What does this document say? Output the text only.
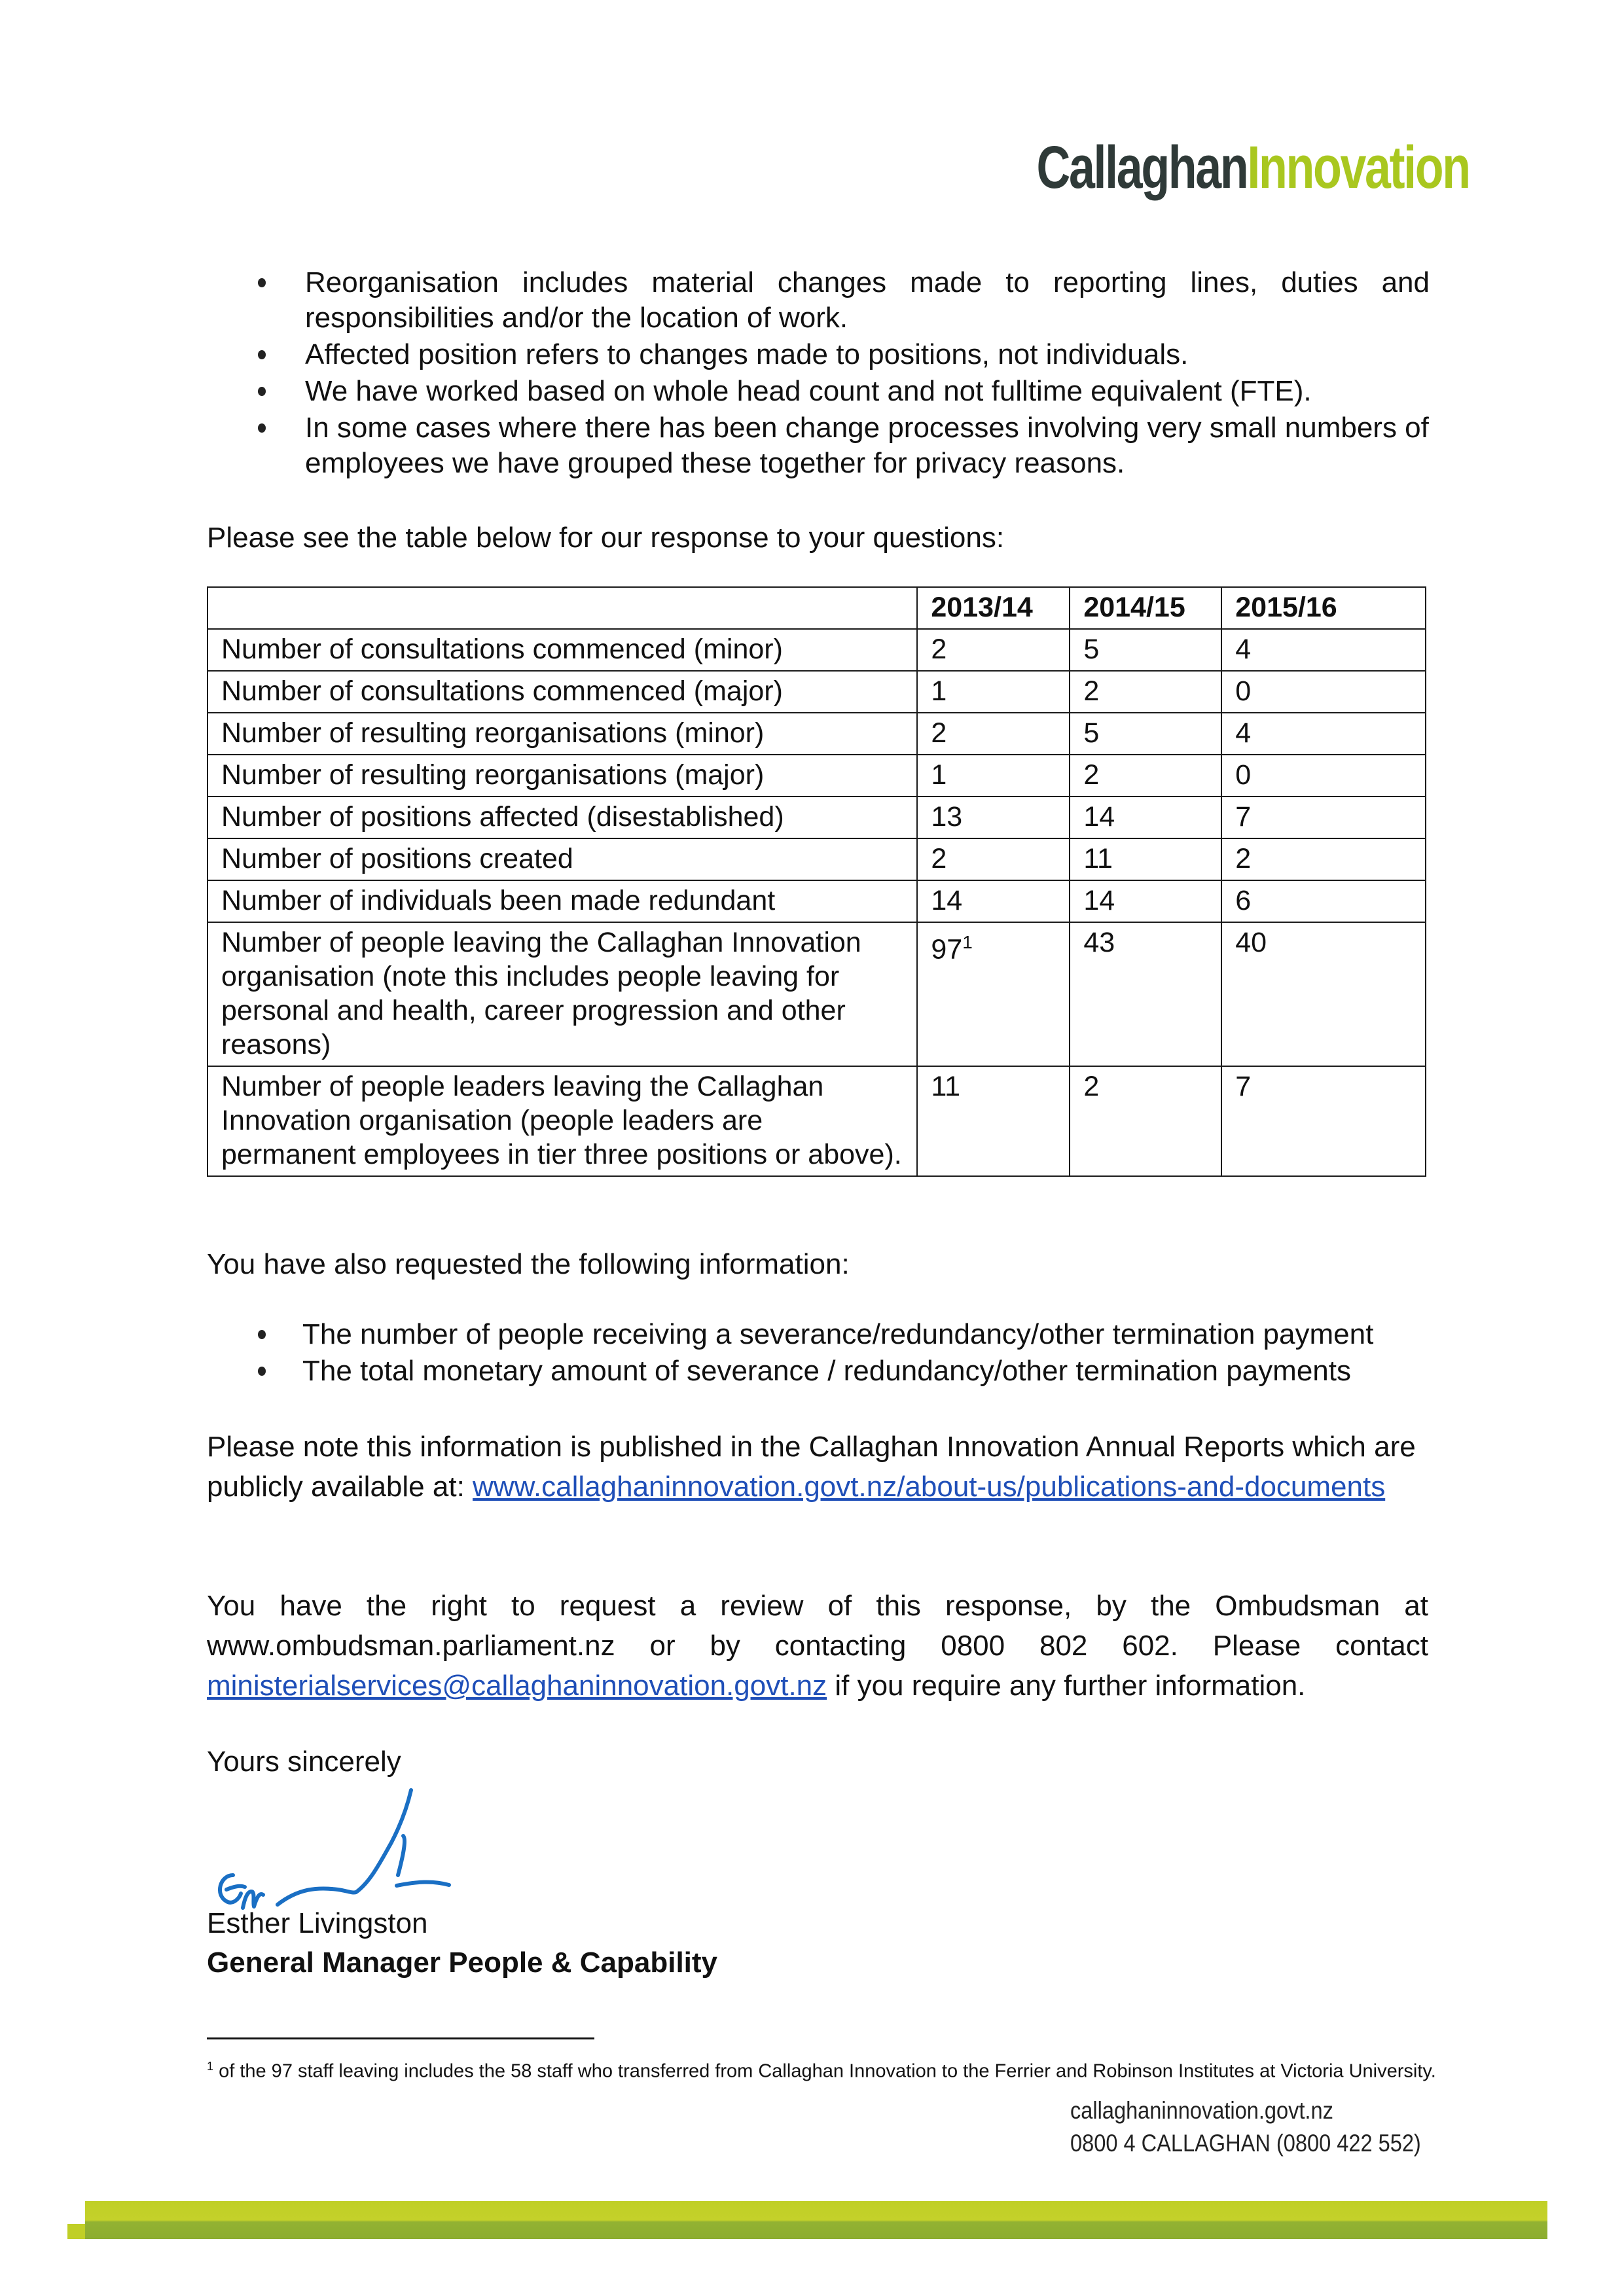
CallaghanInnovation
Reorganisation includes material changes made to reporting lines, duties and responsibilities and/or the location of work.
Affected position refers to changes made to positions, not individuals.
We have worked based on whole head count and not fulltime equivalent (FTE).
In some cases where there has been change processes involving very small numbers of employees we have grouped these together for privacy reasons.
Please see the table below for our response to your questions:
	2013/14	2014/15	2015/16
Number of consultations commenced (minor)	2	5	4
Number of consultations commenced (major)	1	2	0
Number of resulting reorganisations (minor)	2	5	4
Number of resulting reorganisations (major)	1	2	0
Number of positions affected (disestablished)	13	14	7
Number of positions created	2	11	2
Number of individuals been made redundant	14	14	6
Number of people leaving the Callaghan Innovation organisation (note this includes people leaving for personal and health, career progression and other reasons)	$97^1$	43	40
Number of people leaders leaving the Callaghan Innovation organisation (people leaders are permanent employees in tier three positions or above).	11	2	7
You have also requested the following information:
The number of people receiving a severance/redundancy/other termination payment
The total monetary amount of severance / redundancy/other termination payments
Please note this information is published in the Callaghan Innovation Annual Reports which are publicly available at: www.callaghaninnovation.govt.nz/about-us/publications-and-documents
You have the right to request a review of this response, by the Ombudsman at www.ombudsman.parliament.nz or by contacting 0800 802 602. Please contact ministerialservices@callaghaninnovation.govt.nz if you require any further information.
Yours sincerely
Esther Livingston
General Manager People & Capability
$^1$ of the 97 staff leaving includes the 58 staff who transferred from Callaghan Innovation to the Ferrier and Robinson Institutes at Victoria University.
callaghaninnovation.govt.nz
0800 4 CALLAGHAN (0800 422 552)
